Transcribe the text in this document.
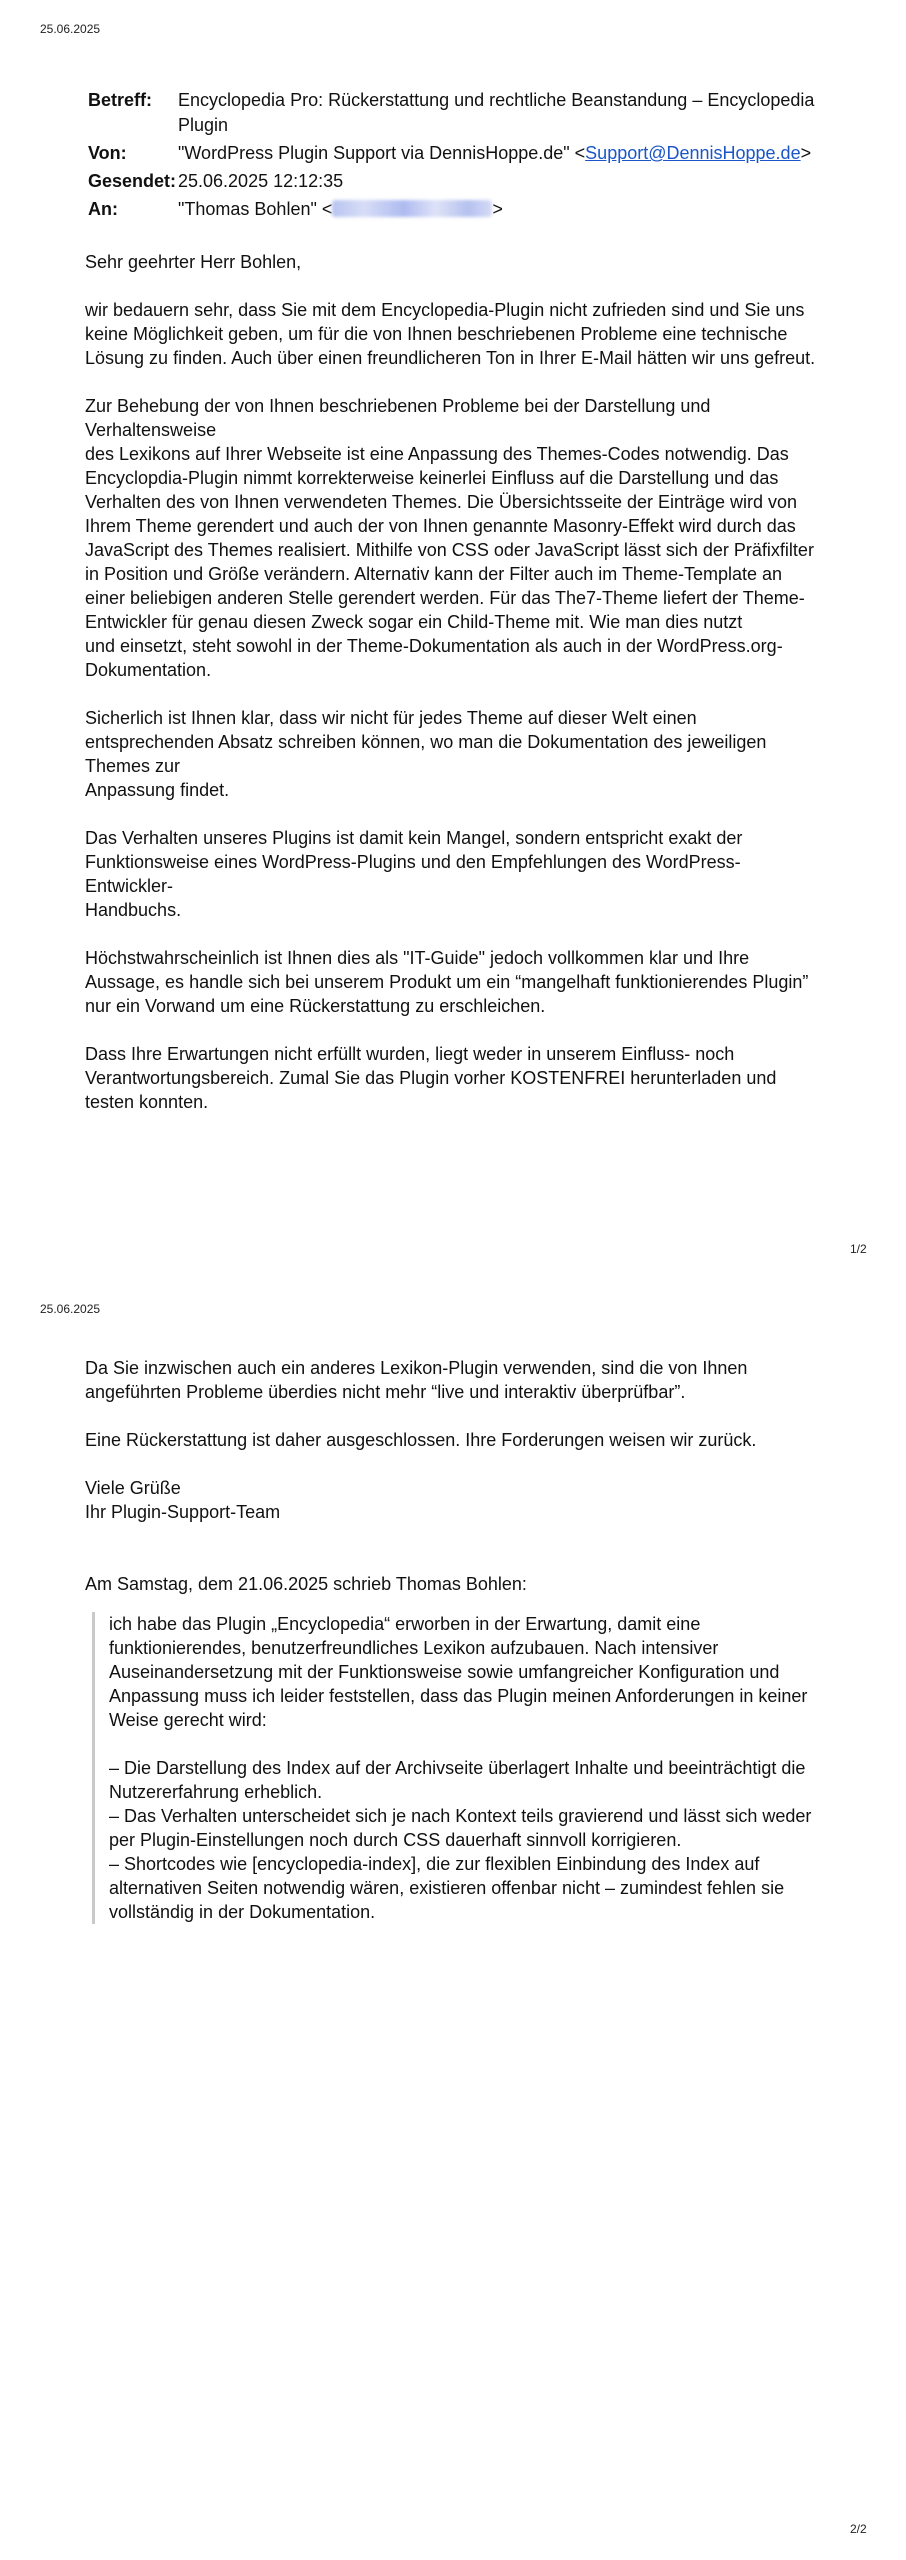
25.06.2025
Betreff:	Encyclopedia Pro: Rückerstattung und rechtliche Beanstandung – Encyclopedia Plugin
Von:	"WordPress Plugin Support via DennisHoppe.de" <Support@DennisHoppe.de>
Gesendet: 25.06.2025 12:12:35
An:	"Thomas Bohlen" <	>

Sehr geehrter Herr Bohlen,

wir bedauern sehr, dass Sie mit dem Encyclopedia-Plugin nicht zufrieden sind und Sie uns keine Möglichkeit geben, um für die von Ihnen beschriebenen Probleme eine technische Lösung zu finden. Auch über einen freundlicheren Ton in Ihrer E-Mail hätten wir uns gefreut.

Zur Behebung der von Ihnen beschriebenen Probleme bei der Darstellung und Verhaltensweise
des Lexikons auf Ihrer Webseite ist eine Anpassung des Themes-Codes notwendig. Das Encyclopdia-Plugin nimmt korrekterweise keinerlei Einfluss auf die Darstellung und das Verhalten des von Ihnen verwendeten Themes. Die Übersichtsseite der Einträge wird von Ihrem Theme gerendert und auch der von Ihnen genannte Masonry-Effekt wird durch das JavaScript des Themes realisiert. Mithilfe von CSS oder JavaScript lässt sich der Präfixfilter in Position und Größe verändern. Alternativ kann der Filter auch im Theme-Template an einer beliebigen anderen Stelle gerendert werden. Für das The7-Theme liefert der Theme-Entwickler für genau diesen Zweck sogar ein Child-Theme mit. Wie man dies nutzt
und einsetzt, steht sowohl in der Theme-Dokumentation als auch in der WordPress.org-Dokumentation.

Sicherlich ist Ihnen klar, dass wir nicht für jedes Theme auf dieser Welt einen entsprechenden Absatz schreiben können, wo man die Dokumentation des jeweiligen Themes zur
Anpassung findet.

Das Verhalten unseres Plugins ist damit kein Mangel, sondern entspricht exakt der Funktionsweise eines WordPress-Plugins und den Empfehlungen des WordPress-Entwickler-
Handbuchs.

Höchstwahrscheinlich ist Ihnen dies als "IT-Guide" jedoch vollkommen klar und Ihre Aussage, es handle sich bei unserem Produkt um ein “mangelhaft funktionierendes Plugin” nur ein Vorwand um eine Rückerstattung zu erschleichen.

Dass Ihre Erwartungen nicht erfüllt wurden, liegt weder in unserem Einfluss- noch Verantwortungsbereich. Zumal Sie das Plugin vorher KOSTENFREI herunterladen und testen konnten.

1/2
25.06.2025

Da Sie inzwischen auch ein anderes Lexikon-Plugin verwenden, sind die von Ihnen angeführten Probleme überdies nicht mehr “live und interaktiv überprüfbar”.

Eine Rückerstattung ist daher ausgeschlossen. Ihre Forderungen weisen wir zurück.

Viele Grüße
Ihr Plugin-Support-Team

Am Samstag, dem 21.06.2025 schrieb Thomas Bohlen:

ich habe das Plugin „Encyclopedia“ erworben in der Erwartung, damit eine funktionierendes, benutzerfreundliches Lexikon aufzubauen. Nach intensiver Auseinandersetzung mit der Funktionsweise sowie umfangreicher Konfiguration und Anpassung muss ich leider feststellen, dass das Plugin meinen Anforderungen in keiner Weise gerecht wird:

– Die Darstellung des Index auf der Archivseite überlagert Inhalte und beeinträchtigt die Nutzererfahrung erheblich.

– Das Verhalten unterscheidet sich je nach Kontext teils gravierend und lässt sich weder per Plugin-Einstellungen noch durch CSS dauerhaft sinnvoll korrigieren.

– Shortcodes wie [encyclopedia-index], die zur flexiblen Einbindung des Index auf alternativen Seiten notwendig wären, existieren offenbar nicht – zumindest fehlen sie vollständig in der Dokumentation.

2/2
